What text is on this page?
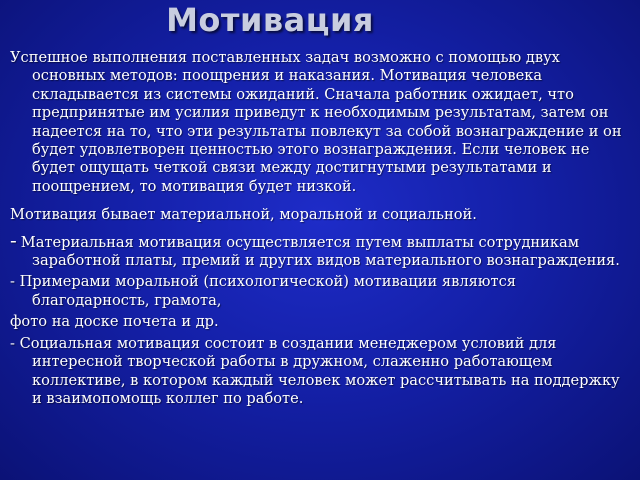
Мотивация

Успешное выполнения поставленных задач возможно с помощью двух основных методов: поощрения и наказания. Мотивация человека складывается из системы ожиданий. Сначала работник ожидает, что предпринятые им усилия приведут к необходимым результатам, затем он надеется на то, что эти результаты повлекут за собой вознаграждение и он будет удовлетворен ценностью этого вознаграждения. Если человек не будет ощущать четкой связи между достигнутыми результатами и поощрением, то мотивация будет низкой.

Мотивация бывает материальной, моральной и социальной.

- Материальная мотивация осуществляется путем выплаты сотрудникам заработной платы, премий и других видов материального вознаграждения.

- Примерами моральной (психологической) мотивации являются благодарность, грамота,

фото на доске почета и др.

- Социальная мотивация состоит в создании менеджером условий для интересной творческой работы в дружном, слаженно работающем коллективе, в котором каждый человек может рассчитывать на поддержку и взаимопомощь коллег по работе.
